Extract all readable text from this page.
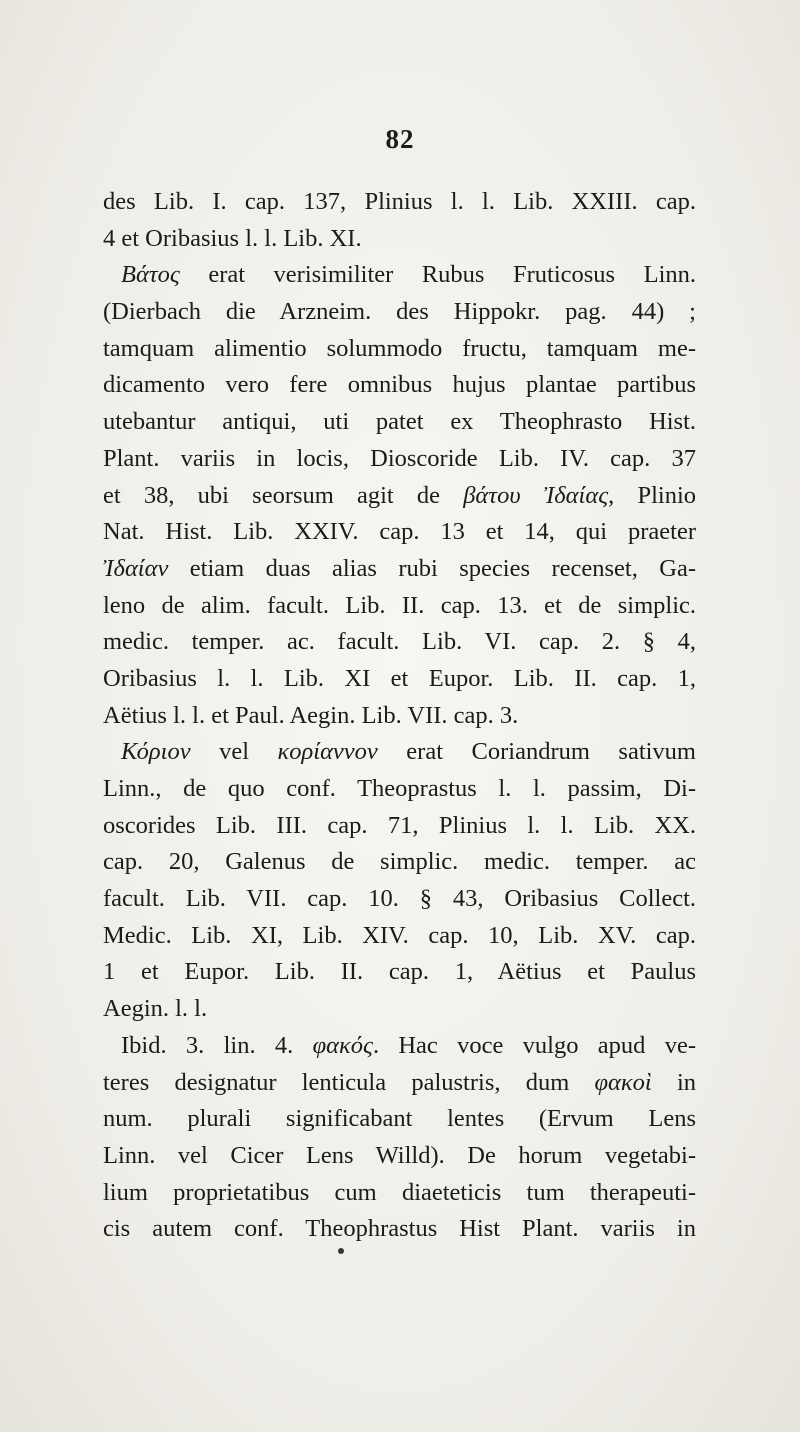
82
des Lib. I. cap. 137, Plinius l. l. Lib. XXIII. cap.
4 et Oribasius l. l. Lib. XI.
Βάτος erat verisimiliter Rubus Fruticosus Linn.
(Dierbach die Arzneim. des Hippokr. pag. 44) ;
tamquam alimentio solummodo fructu, tamquam me-
dicamento vero fere omnibus hujus plantae partibus
utebantur antiqui, uti patet ex Theophrasto Hist.
Plant. variis in locis, Dioscoride Lib. IV. cap. 37
et 38, ubi seorsum agit de βάτου Ἰδαίας, Plinio
Nat. Hist. Lib. XXIV. cap. 13 et 14, qui praeter
Ἰδαίαν etiam duas alias rubi species recenset, Ga-
leno de alim. facult. Lib. II. cap. 13. et de simplic.
medic. temper. ac. facult. Lib. VI. cap. 2. § 4,
Oribasius l. l. Lib. XI et Eupor. Lib. II. cap. 1,
Aëtius l. l. et Paul. Aegin. Lib. VII. cap. 3.
Κόριον vel κορίαννον erat Coriandrum sativum
Linn., de quo conf. Theoprastus l. l. passim, Di-
oscorides Lib. III. cap. 71, Plinius l. l. Lib. XX.
cap. 20, Galenus de simplic. medic. temper. ac
facult. Lib. VII. cap. 10. § 43, Oribasius Collect.
Medic. Lib. XI, Lib. XIV. cap. 10, Lib. XV. cap.
1 et Eupor. Lib. II. cap. 1, Aëtius et Paulus
Aegin. l. l.
Ibid. 3. lin. 4. φακός. Hac voce vulgo apud ve-
teres designatur lenticula palustris, dum φακοὶ in
num. plurali significabant lentes (Ervum Lens
Linn. vel Cicer Lens Willd). De horum vegetabi-
lium proprietatibus cum diaeteticis tum therapeuti-
cis autem conf. Theophrastus Hist Plant. variis in
